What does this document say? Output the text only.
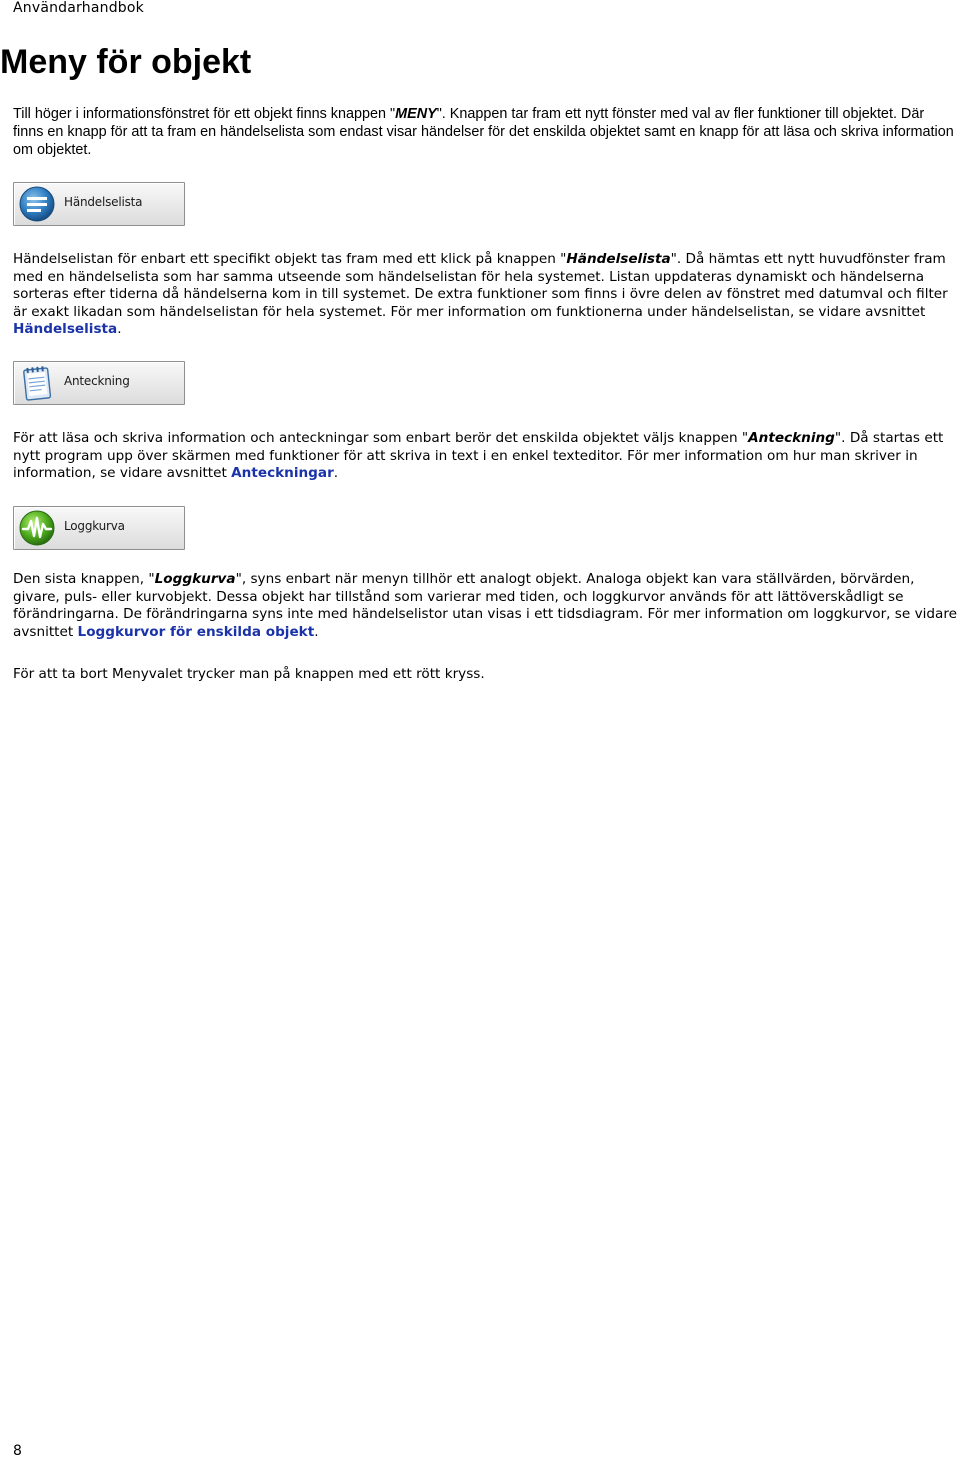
Användarhandbok
Meny för objekt

Till höger i informationsfönstret för ett objekt finns knappen "MENY". Knappen tar fram ett nytt fönster med val av fler funktioner till objektet. Där finns en knapp för att ta fram en händelselista som endast visar händelser för det enskilda objektet samt en knapp för att läsa och skriva information om objektet.

Händelselista

Händelselistan för enbart ett specifikt objekt tas fram med ett klick på knappen "Händelselista". Då hämtas ett nytt huvudfönster fram med en händelselista som har samma utseende som händelselistan för hela systemet. Listan uppdateras dynamiskt och händelserna sorteras efter tiderna då händelserna kom in till systemet. De extra funktioner som finns i övre delen av fönstret med datumval och filter är exakt likadan som händelselistan för hela systemet. För mer information om funktionerna under händelselistan, se vidare avsnittet Händelselista.

Anteckning

För att läsa och skriva information och anteckningar som enbart berör det enskilda objektet väljs knappen "Anteckning". Då startas ett nytt program upp över skärmen med funktioner för att skriva in text i en enkel texteditor. För mer information om hur man skriver in information, se vidare avsnittet Anteckningar.

Loggkurva

Den sista knappen, "Loggkurva", syns enbart när menyn tillhör ett analogt objekt. Analoga objekt kan vara ställvärden, börvärden, givare, puls- eller kurvobjekt. Dessa objekt har tillstånd som varierar med tiden, och loggkurvor används för att lättöverskådligt se förändringarna. De förändringarna syns inte med händelselistor utan visas i ett tidsdiagram. För mer information om loggkurvor, se vidare avsnittet Loggkurvor för enskilda objekt.

För att ta bort Menyvalet trycker man på knappen med ett rött kryss.

8
